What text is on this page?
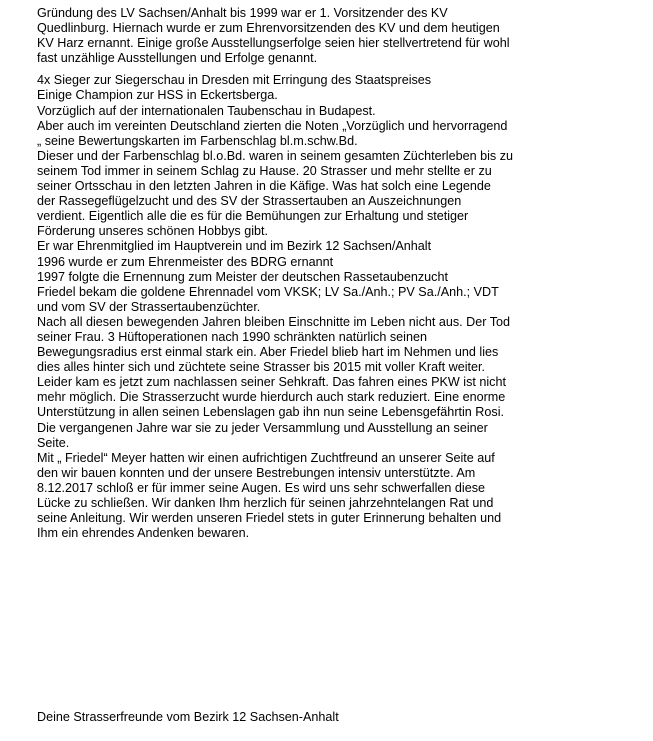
Gründung des LV Sachsen/Anhalt bis 1999 war er 1. Vorsitzender des KV
Quedlinburg. Hiernach wurde er zum Ehrenvorsitzenden des KV und dem heutigen
KV Harz ernannt. Einige große Ausstellungserfolge seien hier stellvertretend für wohl
fast unzählige Ausstellungen und Erfolge genannt.

4x Sieger zur Siegerschau in Dresden mit Erringung des Staatspreises
Einige Champion zur HSS in Eckertsberga.
Vorzüglich auf der internationalen Taubenschau in Budapest.
Aber auch im vereinten Deutschland zierten die Noten „Vorzüglich und hervorragend
„ seine Bewertungskarten im Farbenschlag bl.m.schw.Bd.
Dieser und der Farbenschlag bl.o.Bd. waren in seinem gesamten Züchterleben bis zu
seinem Tod immer in seinem Schlag zu Hause. 20 Strasser und mehr stellte er zu
seiner Ortsschau in den letzten Jahren in die Käfige. Was hat solch eine Legende
der Rassegeflügelzucht und des SV der Strassertauben an Auszeichnungen
verdient. Eigentlich alle die es für die Bemühungen zur Erhaltung und stetiger
Förderung unseres schönen Hobbys gibt.
Er war Ehrenmitglied im Hauptverein und im Bezirk 12 Sachsen/Anhalt
1996 wurde er zum Ehrenmeister des BDRG ernannt
1997 folgte die Ernennung zum Meister der deutschen Rassetaubenzucht
Friedel bekam die goldene Ehrennadel vom VKSK; LV Sa./Anh.; PV Sa./Anh.; VDT
und vom SV der Strassertaubenzüchter.
Nach all diesen bewegenden Jahren bleiben Einschnitte im Leben nicht aus. Der Tod
seiner Frau. 3 Hüftoperationen nach 1990 schränkten natürlich seinen
Bewegungsradius erst einmal stark ein. Aber Friedel blieb hart im Nehmen und lies
dies alles hinter sich und züchtete seine Strasser bis 2015 mit voller Kraft weiter.
Leider kam es jetzt zum nachlassen seiner Sehkraft. Das fahren eines PKW ist nicht
mehr möglich. Die Strasserzucht wurde hierdurch auch stark reduziert. Eine enorme
Unterstützung in allen seinen Lebenslagen gab ihn nun seine Lebensgefährtin Rosi.
Die vergangenen Jahre war sie zu jeder Versammlung und Ausstellung an seiner
Seite.
Mit „ Friedel“ Meyer hatten wir einen aufrichtigen Zuchtfreund an unserer Seite auf
den wir bauen konnten und der unsere Bestrebungen intensiv unterstützte. Am
8.12.2017 schloß er für immer seine Augen. Es wird uns sehr schwerfallen diese
Lücke zu schließen. Wir danken Ihm herzlich für seinen jahrzehntelangen Rat und
seine Anleitung. Wir werden unseren Friedel stets in guter Erinnerung behalten und
Ihm ein ehrendes Andenken bewaren.

Deine Strasserfreunde vom Bezirk 12 Sachsen-Anhalt
